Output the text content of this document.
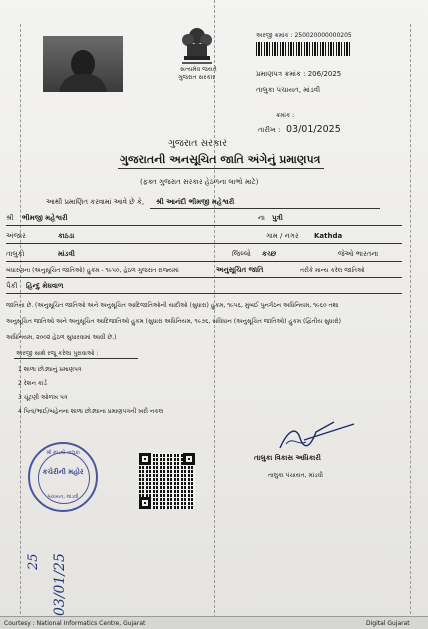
સત્યમેવ જયતે
ગુજરાત સરકાર
અરજી ક્રમાંક : 250020000000205
પ્રમાણપત્ર ક્રમાંક : 206/2025
તાલુકા પંચાયત, માંડવી
ક્રમાંક :
તારીખ : 03/01/2025
ગુજરાત સરકાર
ગુજરાતની અનસૂચિત જાતિ અંગેનું પ્રમાણપત્ર
(ફક્ત ગુજરાત સરકાર હેઠળના લાભો માટે)
આથી પ્રમાણિત કરવામાં આવે છે કે, શ્રી આનંદી ભીમજી મહેશ્વરી
શ્રી ભીમજી મહેશ્વરી	ના પુત્રી
અંજાર	કાઠડા	ગામ / નગર Kathda
તાલુકો	માંડવી	જિલ્લો કચ્છ	જેઓ ભારતના
બંધારણના (અનુસૂચિત જાતિઓ) હુકમ - ૧૯૫૦, હેઠળ ગુજરાત રાજ્યમાં	અનુસૂચિત જાતિ	તરીકે માન્ય કરેલ જાતિઓ
પૈકી હિન્દુ મેઘવાળ
જાતિના છે. (અનુસૂચિત જાતિઓ અને અનુસૂચિત આદિજાતિઓની યાદીઓ (સુધારા) હુકમ, ૧૯૫૬, મુંબઈ પુનર્ગઠન અધિનિયમ, ૧૯૬૦ તથા
અનુસૂચિત જાતિઓ અને અનુસૂચિત આદિજાતિઓ હુકમ (સુધારા અધિનિયમ, ૧૯૭૬, સંવિધાન (અનુસૂચિત જાતિઓ) હુકમ (દ્વિતીય સુધારો)
અધિનિયમ, ૨૦૦૨ હેઠળ સુધારવામાં આવી છે.)
અરજી સાથે રજૂ કરેલા પુરાવાઓ :
1 શાળા છોડ્યાનું પ્રમાણપત્ર
2 રેશન કાર્ડ
3 ચૂંટણી ઓળખ પત્ર
4 પિતા/ભાઈ/બહેનના શાળા છોડ્યાના પ્રમાણપત્રની ખરી નકલ
શ્રી માંડવી તાલુકા
કચેરીની મહોર
પંચાયત, માંડવી
તાલુકા વિકાસ અધિકારી
તાલુકા પંચાયત, માંડવી
25 03/01/25
Courtesy : National Informatics Centre, Gujarat	Digital Gujarat
